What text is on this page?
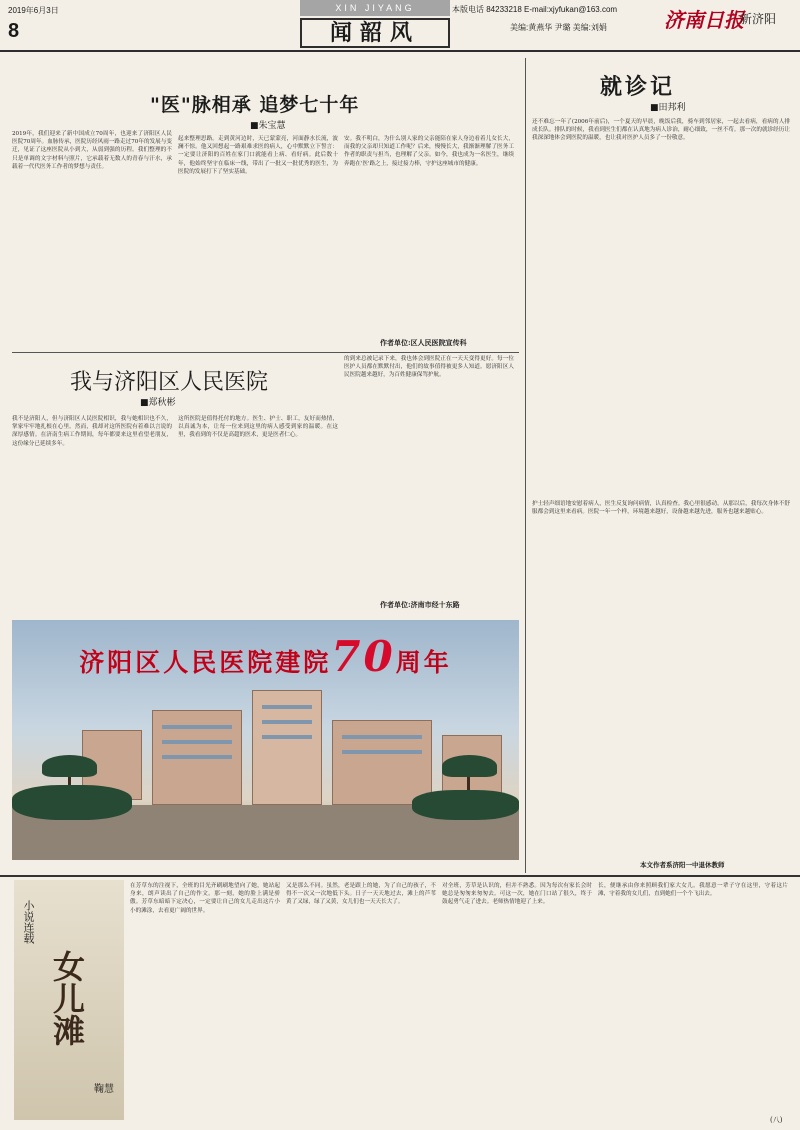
2019年6月3日
8
XIN JIYANG
闻韶风
本版电话 84233218 E-mail:xjyfukan@163.com
美编:黄燕华 尹璐 美编:刘娟	济南日报
新济阳
"医"脉相承 追梦七十年
■朱宝慧
2019年，我们迎来了新中国成立70周年，也迎来了济阳区人民医院70周年。血脉传承，医院历经风雨一路走过70年的发展与变迁，见证了这座医院从小到大，从弱到强的历程。我们整理的不只是单调的文字材料与照片，它承载着无数人的青春与汗水，承载着一代代医务工作者的梦想与责任。
起来整理思路。走到黄河边时，天已蒙蒙亮，河面静水长流，波澜不惊。他又回想起一路艰难求医的病人，心中默默立下誓言：一定要让济阳的百姓在家门口就能看上病、看好病。此后数十年，他始终坚守在临床一线，带出了一批又一批优秀的医生，为医院的发展打下了坚实基础。
安。我不明白，为什么别人家的父亲能陪在家人身边看着儿女长大，而我的父亲却只知道工作呢？后来，慢慢长大，我渐渐理解了医务工作者的职责与担当，也理解了父亲。如今，我也成为一名医生，继续奔跑在'医'路之上，接过接力棒，守护这座城市的健康。
作者单位:区人民医院宣传科
我与济阳区人民医院
■郑秋彬
我不是济阳人，但与济阳区人民医院相识，我与她相识也不久，掌家牢牢地扎根在心里。然而，我却对这所医院有着难以言说的深厚感情。在济南生病工作期间，每年都要来这里看望老朋友，这份缘分已延续多年。
这所医院是值得托付的地方。医生、护士、职工，友好而热情，以真诚为本，让每一位来到这里的病人感受到家的温暖。在这里，我看到的不仅是高超的医术，更是医者仁心。
的到来总被记录下来，我也体会到医院正在一天天变得更好。每一位医护人员都在默默付出，他们的故事值得被更多人知道。愿济阳区人民医院越来越好，为百姓健康保驾护航。
作者单位:济南市经十东路
济阳区人民医院建院70周年
就诊记
■田邦利
还不难忘一年了(2006年前后)，一个夏天的早晨，晚饭后我，骑车到邻居家，一起去看病，看病的人排成长队。排队的时候，我看到医生们都在认真地为病人诊治，耐心细致，一丝不苟。那一次的就诊经历让我深深地体会到医院的温暖，也让我对医护人员多了一份敬意。
护士轻声细语地安慰着病人，医生反复询问病情，认真检查。我心里很感动。从那以后，我每次身体不舒服都会到这里来看病。医院一年一个样，环境越来越好，设备越来越先进，服务也越来越贴心。
本文作者系济阳一中退休教师
小说连载
女儿滩
鞠慧
在芳草东的注视下，全班的目光齐刷刷地望向了她，她站起身来，朗声读出了自己的作文。那一刻，她的脸上满是骄傲。芳草东暗暗下定决心，一定要让自己的女儿走出这片小小的滩涂，去看更广阔的世界。
又是那么不同。虽然，老是跟上的她，为了自己的孩子，不得不一次又一次地低下头。日子一天天地过去，滩上的芦苇黄了又绿，绿了又黄，女儿们也一天天长大了。
对全班，芳草是认识的，但并不熟悉。因为每次有家长会时她总是匆匆来匆匆去。可这一次，她在门口站了很久，终于鼓起勇气走了进去。老师热情地迎了上来。
长，便继承由你来照顾我们家大女儿。我愿意一辈子守在这里，守着这片滩，守着我的女儿们，直到她们一个个飞出去。
(八)
